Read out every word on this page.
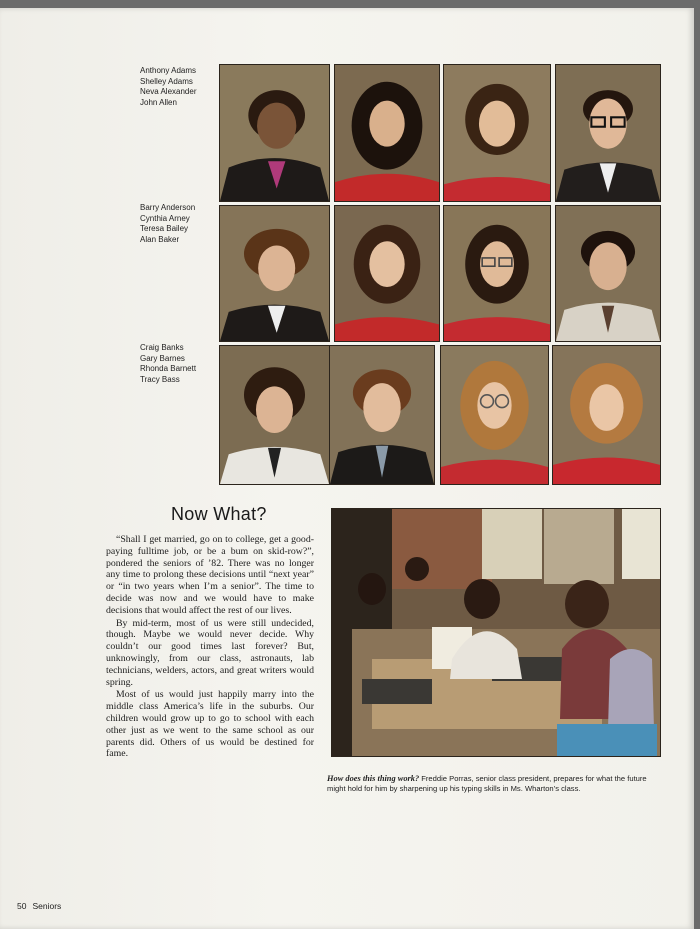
Anthony Adams
Shelley Adams
Neva Alexander
John Allen
Barry Anderson
Cynthia Arney
Teresa Bailey
Alan Baker
Craig Banks
Gary Barnes
Rhonda Barnett
Tracy Bass
Now What?

“Shall I get married, go on to college, get a good-paying fulltime job, or be a bum on skid-row?”, pondered the seniors of ’82. There was no longer any time to prolong these decisions until “next year” or “in two years when I’m a senior”. The time to decide was now and we would have to make decisions that would affect the rest of our lives.

By mid-term, most of us were still undecided, though. Maybe we would never decide. Why couldn’t our good times last forever? But, unknowingly, from our class, astronauts, lab technicians, welders, actors, and great writers would spring.

Most of us would just happily marry into the middle class America’s life in the suburbs. Our children would grow up to go to school with each other just as we went to the same school as our parents did. Others of us would be destined for fame.

How does this thing work? Freddie Porras, senior class president, prepares for what the future might hold for him by sharpening up his typing skills in Ms. Wharton’s class.
50 Seniors
